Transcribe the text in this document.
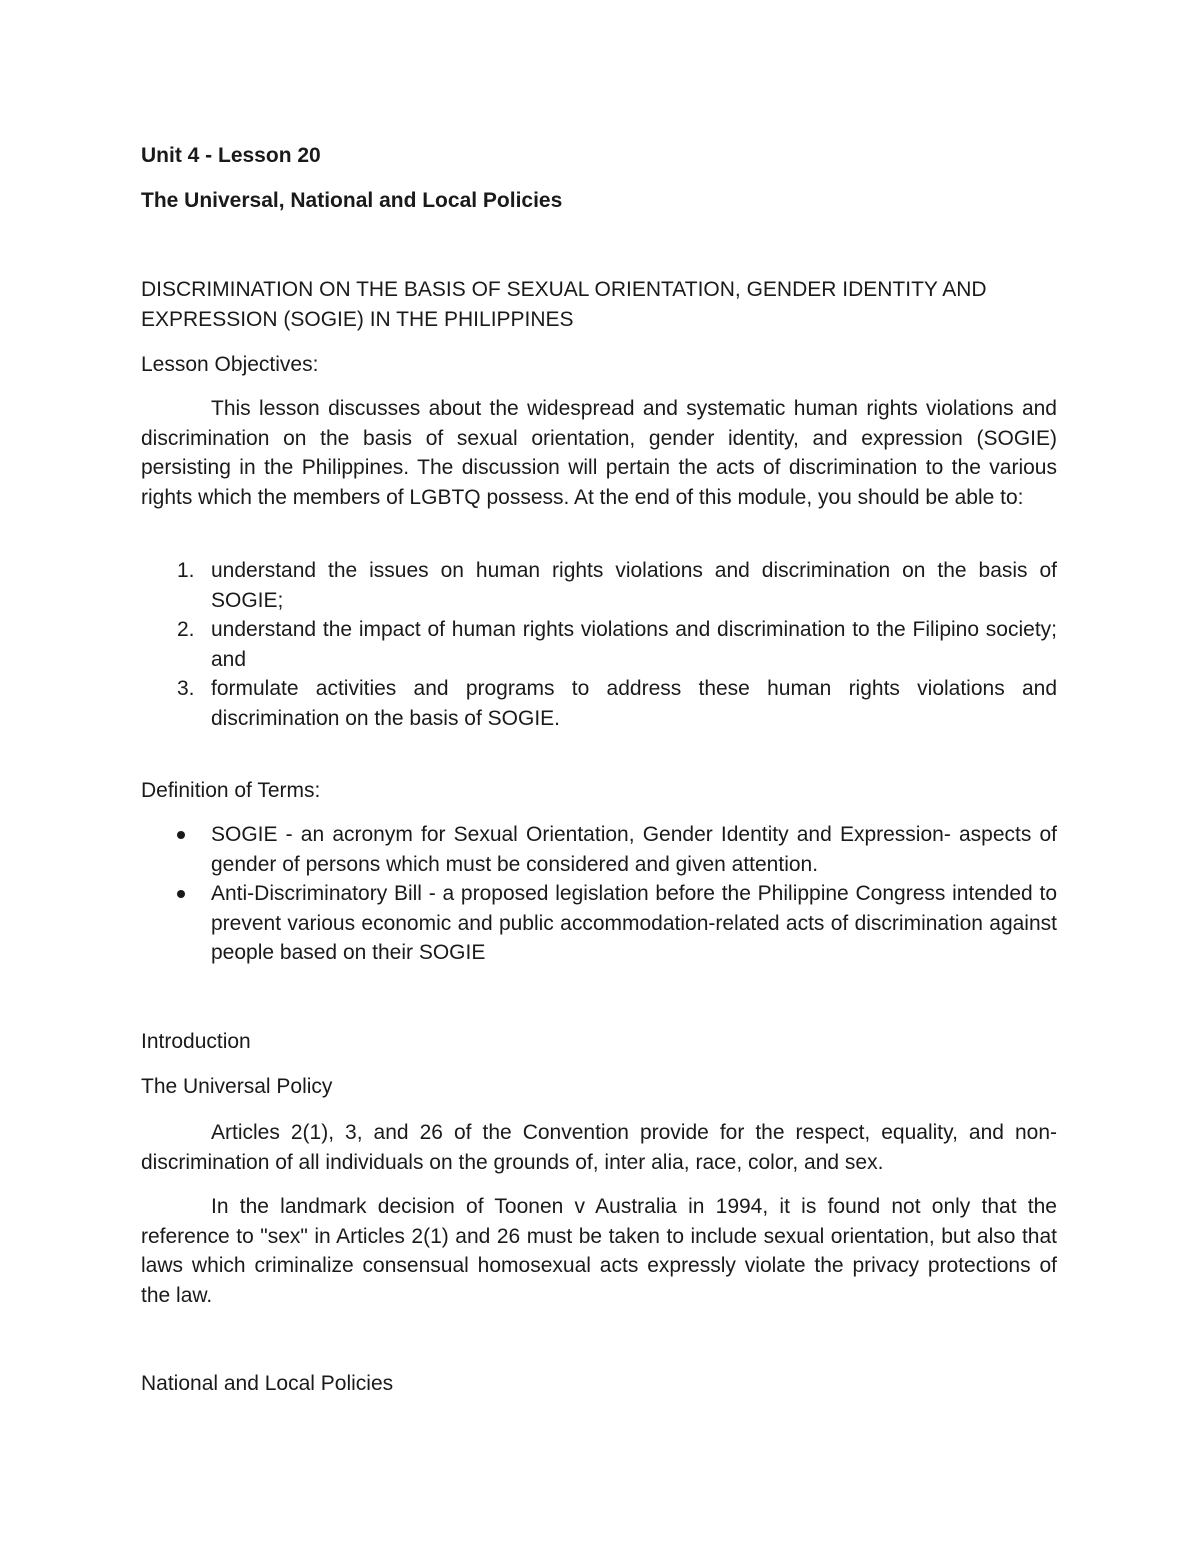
Unit 4 - Lesson 20

The Universal, National and Local Policies

DISCRIMINATION ON THE BASIS OF SEXUAL ORIENTATION, GENDER IDENTITY AND EXPRESSION (SOGIE) IN THE PHILIPPINES

Lesson Objectives:

This lesson discusses about the widespread and systematic human rights violations and discrimination on the basis of sexual orientation, gender identity, and expression (SOGIE) persisting in the Philippines. The discussion will pertain the acts of discrimination to the various rights which the members of LGBTQ possess. At the end of this module, you should be able to:

1. understand the issues on human rights violations and discrimination on the basis of SOGIE;
2. understand the impact of human rights violations and discrimination to the Filipino society; and
3. formulate activities and programs to address these human rights violations and discrimination on the basis of SOGIE.

Definition of Terms:

SOGIE - an acronym for Sexual Orientation, Gender Identity and Expression- aspects of gender of persons which must be considered and given attention.
Anti-Discriminatory Bill - a proposed legislation before the Philippine Congress intended to prevent various economic and public accommodation-related acts of discrimination against people based on their SOGIE

Introduction

The Universal Policy

Articles 2(1), 3, and 26 of the Convention provide for the respect, equality, and non-discrimination of all individuals on the grounds of, inter alia, race, color, and sex.

In the landmark decision of Toonen v Australia in 1994, it is found not only that the reference to "sex" in Articles 2(1) and 26 must be taken to include sexual orientation, but also that laws which criminalize consensual homosexual acts expressly violate the privacy protections of the law.

National and Local Policies
